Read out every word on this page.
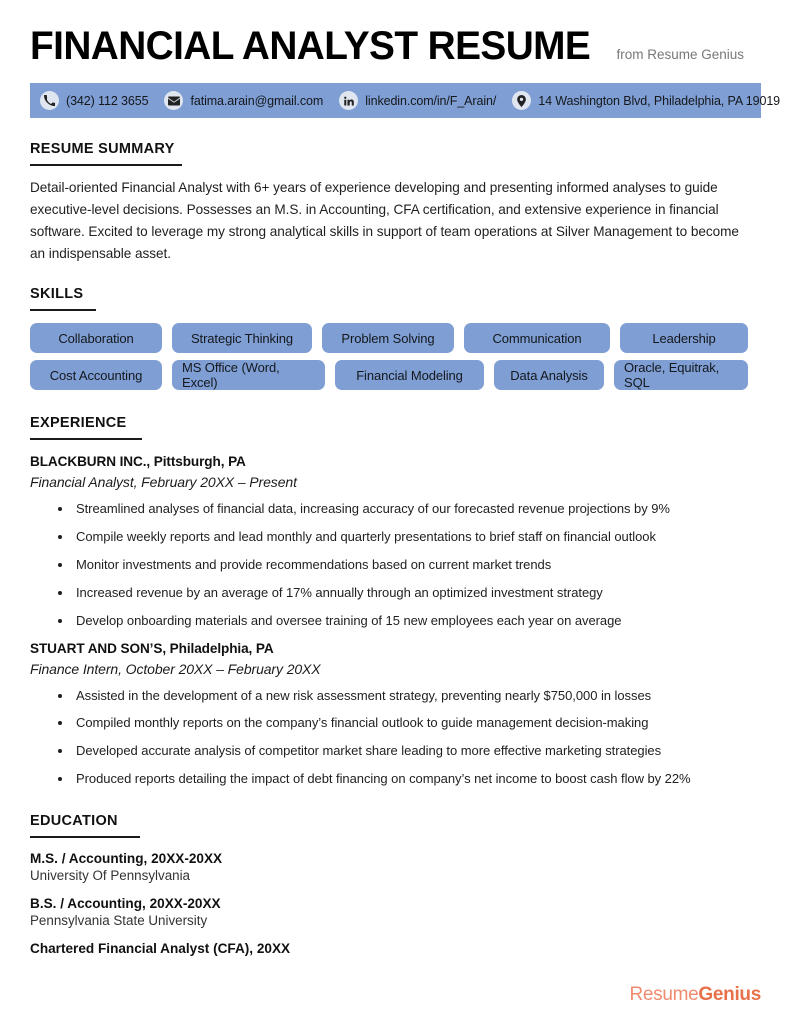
FINANCIAL ANALYST RESUME from Resume Genius
(342) 112 3655	fatima.arain@gmail.com	linkedin.com/in/F_Arain/	14 Washington Blvd, Philadelphia, PA 19019
RESUME SUMMARY

Detail-oriented Financial Analyst with 6+ years of experience developing and presenting informed analyses to guide executive-level decisions. Possesses an M.S. in Accounting, CFA certification, and extensive experience in financial software. Excited to leverage my strong analytical skills in support of team operations at Silver Management to become an indispensable asset.

SKILLS
Collaboration	Strategic Thinking	Problem Solving	Communication	Leadership
Cost Accounting	MS Office (Word, Excel)	Financial Modeling	Data Analysis	Oracle, Equitrak, SQL
EXPERIENCE
BLACKBURN INC., Pittsburgh, PA
Financial Analyst, February 20XX – Present
Streamlined analyses of financial data, increasing accuracy of our forecasted revenue projections by 9%
Compile weekly reports and lead monthly and quarterly presentations to brief staff on financial outlook
Monitor investments and provide recommendations based on current market trends
Increased revenue by an average of 17% annually through an optimized investment strategy
Develop onboarding materials and oversee training of 15 new employees each year on average
STUART AND SON’S, Philadelphia, PA
Finance Intern, October 20XX – February 20XX
Assisted in the development of a new risk assessment strategy, preventing nearly $750,000 in losses
Compiled monthly reports on the company’s financial outlook to guide management decision-making
Developed accurate analysis of competitor market share leading to more effective marketing strategies
Produced reports detailing the impact of debt financing on company’s net income to boost cash flow by 22%
EDUCATION
M.S. / Accounting, 20XX-20XX
University Of Pennsylvania
B.S. / Accounting, 20XX-20XX
Pennsylvania State University
Chartered Financial Analyst (CFA), 20XX
ResumeGenius
